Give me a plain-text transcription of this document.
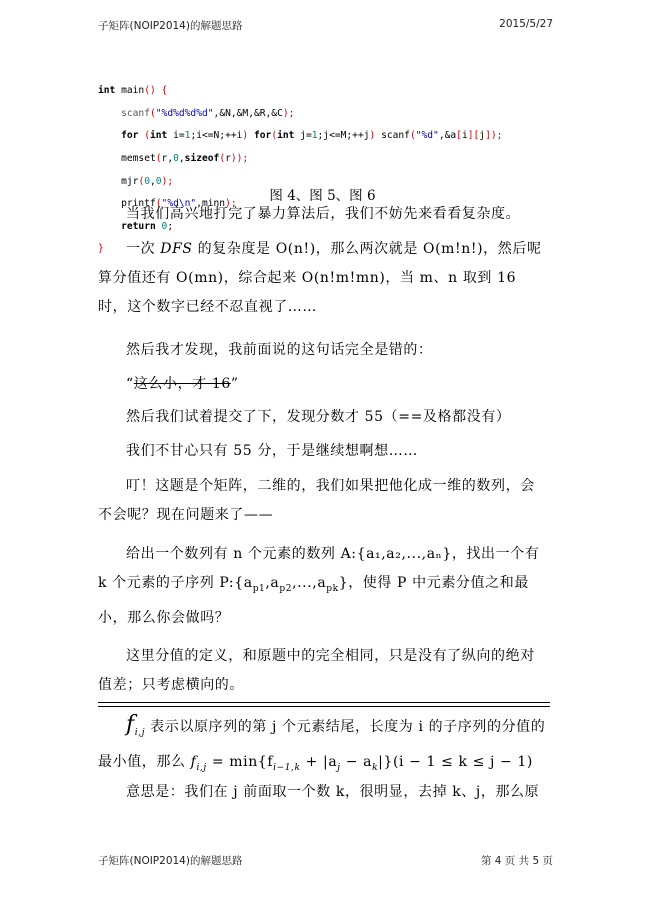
子矩阵(NOIP2014)的解题思路	2015/5/27

int main() {

scanf("%d%d%d%d",&N,&M,&R,&C);

for (int i=1;i<=N;++i) for(int j=1;j<=M;++j) scanf("%d",&a[i][j]);

memset(r,0,sizeof(r));

mjr(0,0);

printf("%d\n",minn);

return 0;

}

图 4、图 5、图 6
当我们高兴地打完了暴力算法后，我们不妨先来看看复杂度。
一次 DFS 的复杂度是 O(n!)，那么两次就是 O(m!n!)，然后呢算分值还有 O(mn)，综合起来 O(n!m!mn)，当 m、n 取到 16 时，这个数字已经不忍直视了……
然后我才发现，我前面说的这句话完全是错的：
“这么小，才 16”
然后我们试着提交了下，发现分数才 55（==及格都没有）
我们不甘心只有 55 分，于是继续想啊想……
叮！这题是个矩阵，二维的，我们如果把他化成一维的数列，会不会呢？现在问题来了——
给出一个数列有 n 个元素的数列 A:{a₁,a₂,...,aₙ}，找出一个有 k 个元素的子序列 $P:\{a_{p1},a_{p2},...,a_{pk}\}$，使得 P 中元素分值之和最小，那么你会做吗？
这里分值的定义，和原题中的完全相同，只是没有了纵向的绝对值差；只考虑横向的。
$f_{i,j}$ 表示以原序列的第 j 个元素结尾，长度为 i 的子序列的分值的最小值，那么 $f_{i,j} = \min\{f_{i-1,k} + |a_j - a_k|\}(i - 1 \le k \le j - 1)$
意思是：我们在 j 前面取一个数 k，很明显，去掉 k、j，那么原
子矩阵(NOIP2014)的解题思路	第 4 页 共 5 页
